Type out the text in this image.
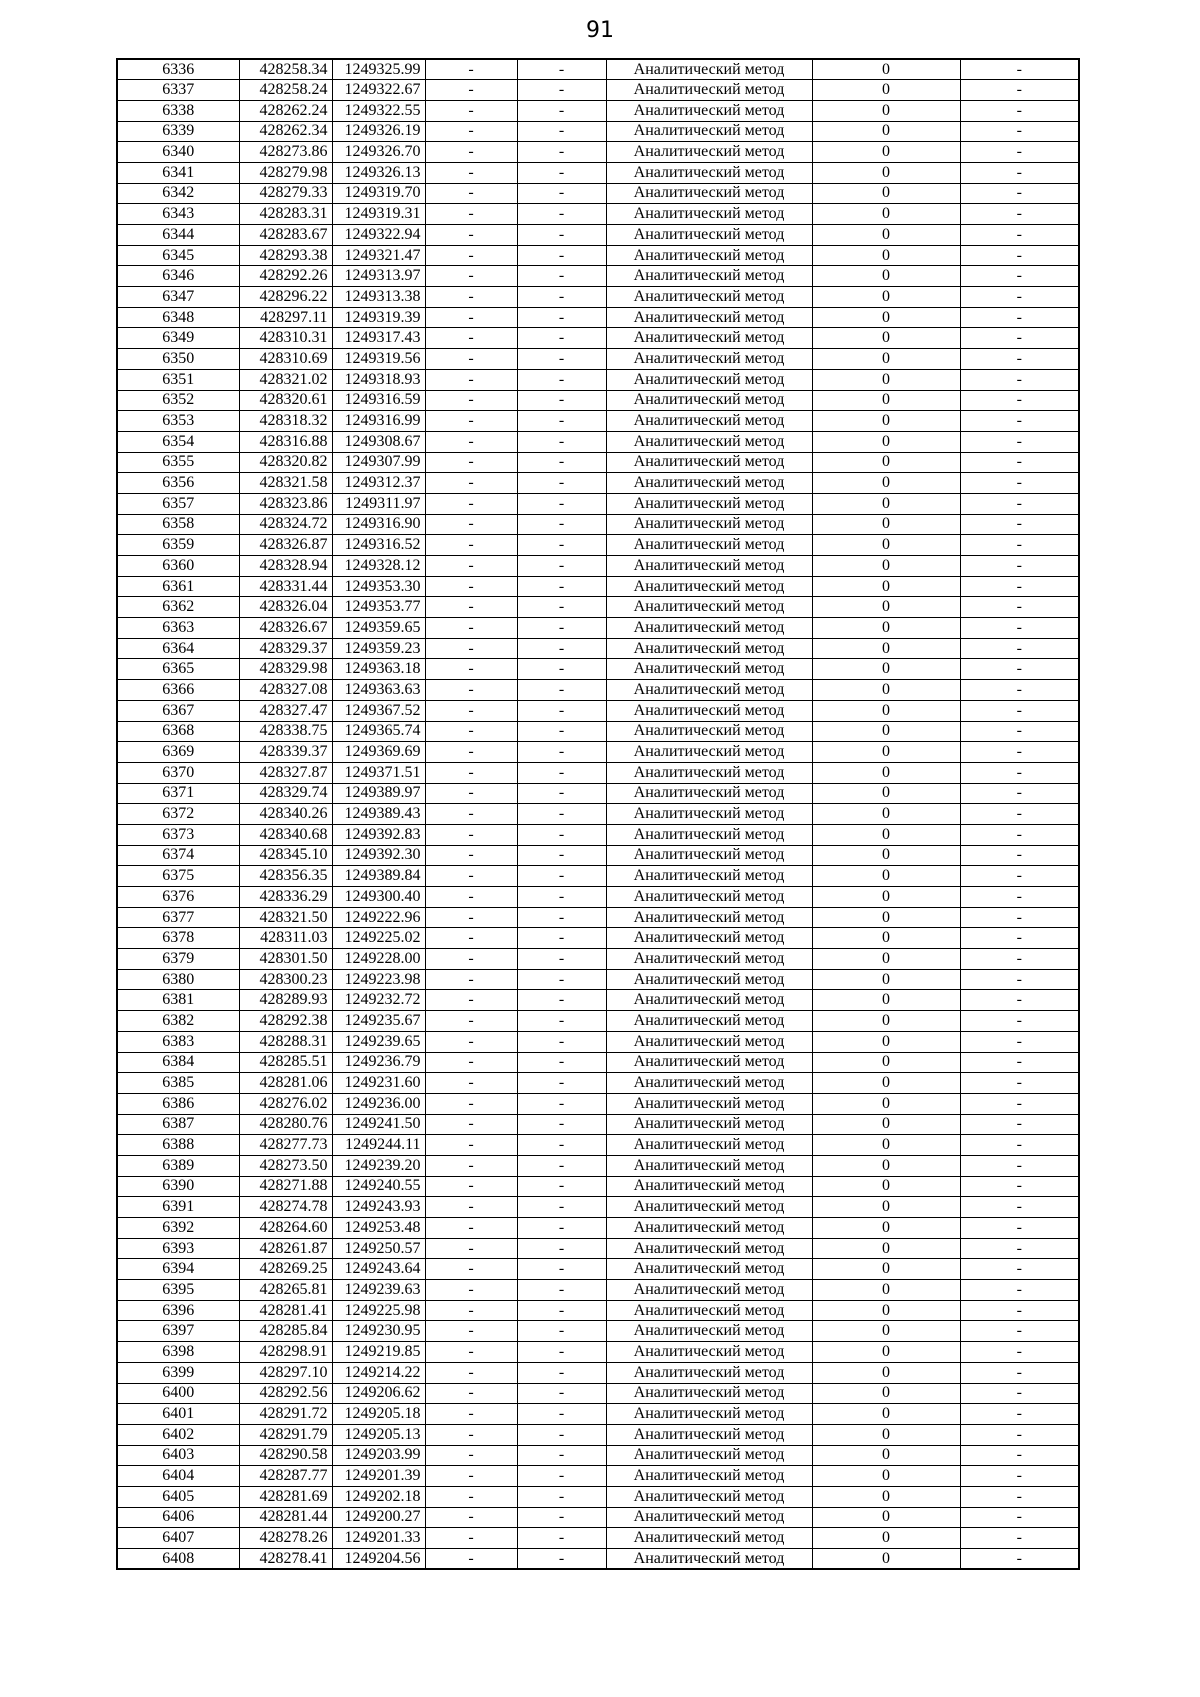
91
6336	428258.34	1249325.99	-	-	Аналитический метод	0	-
6337	428258.24	1249322.67	-	-	Аналитический метод	0	-
6338	428262.24	1249322.55	-	-	Аналитический метод	0	-
6339	428262.34	1249326.19	-	-	Аналитический метод	0	-
6340	428273.86	1249326.70	-	-	Аналитический метод	0	-
6341	428279.98	1249326.13	-	-	Аналитический метод	0	-
6342	428279.33	1249319.70	-	-	Аналитический метод	0	-
6343	428283.31	1249319.31	-	-	Аналитический метод	0	-
6344	428283.67	1249322.94	-	-	Аналитический метод	0	-
6345	428293.38	1249321.47	-	-	Аналитический метод	0	-
6346	428292.26	1249313.97	-	-	Аналитический метод	0	-
6347	428296.22	1249313.38	-	-	Аналитический метод	0	-
6348	428297.11	1249319.39	-	-	Аналитический метод	0	-
6349	428310.31	1249317.43	-	-	Аналитический метод	0	-
6350	428310.69	1249319.56	-	-	Аналитический метод	0	-
6351	428321.02	1249318.93	-	-	Аналитический метод	0	-
6352	428320.61	1249316.59	-	-	Аналитический метод	0	-
6353	428318.32	1249316.99	-	-	Аналитический метод	0	-
6354	428316.88	1249308.67	-	-	Аналитический метод	0	-
6355	428320.82	1249307.99	-	-	Аналитический метод	0	-
6356	428321.58	1249312.37	-	-	Аналитический метод	0	-
6357	428323.86	1249311.97	-	-	Аналитический метод	0	-
6358	428324.72	1249316.90	-	-	Аналитический метод	0	-
6359	428326.87	1249316.52	-	-	Аналитический метод	0	-
6360	428328.94	1249328.12	-	-	Аналитический метод	0	-
6361	428331.44	1249353.30	-	-	Аналитический метод	0	-
6362	428326.04	1249353.77	-	-	Аналитический метод	0	-
6363	428326.67	1249359.65	-	-	Аналитический метод	0	-
6364	428329.37	1249359.23	-	-	Аналитический метод	0	-
6365	428329.98	1249363.18	-	-	Аналитический метод	0	-
6366	428327.08	1249363.63	-	-	Аналитический метод	0	-
6367	428327.47	1249367.52	-	-	Аналитический метод	0	-
6368	428338.75	1249365.74	-	-	Аналитический метод	0	-
6369	428339.37	1249369.69	-	-	Аналитический метод	0	-
6370	428327.87	1249371.51	-	-	Аналитический метод	0	-
6371	428329.74	1249389.97	-	-	Аналитический метод	0	-
6372	428340.26	1249389.43	-	-	Аналитический метод	0	-
6373	428340.68	1249392.83	-	-	Аналитический метод	0	-
6374	428345.10	1249392.30	-	-	Аналитический метод	0	-
6375	428356.35	1249389.84	-	-	Аналитический метод	0	-
6376	428336.29	1249300.40	-	-	Аналитический метод	0	-
6377	428321.50	1249222.96	-	-	Аналитический метод	0	-
6378	428311.03	1249225.02	-	-	Аналитический метод	0	-
6379	428301.50	1249228.00	-	-	Аналитический метод	0	-
6380	428300.23	1249223.98	-	-	Аналитический метод	0	-
6381	428289.93	1249232.72	-	-	Аналитический метод	0	-
6382	428292.38	1249235.67	-	-	Аналитический метод	0	-
6383	428288.31	1249239.65	-	-	Аналитический метод	0	-
6384	428285.51	1249236.79	-	-	Аналитический метод	0	-
6385	428281.06	1249231.60	-	-	Аналитический метод	0	-
6386	428276.02	1249236.00	-	-	Аналитический метод	0	-
6387	428280.76	1249241.50	-	-	Аналитический метод	0	-
6388	428277.73	1249244.11	-	-	Аналитический метод	0	-
6389	428273.50	1249239.20	-	-	Аналитический метод	0	-
6390	428271.88	1249240.55	-	-	Аналитический метод	0	-
6391	428274.78	1249243.93	-	-	Аналитический метод	0	-
6392	428264.60	1249253.48	-	-	Аналитический метод	0	-
6393	428261.87	1249250.57	-	-	Аналитический метод	0	-
6394	428269.25	1249243.64	-	-	Аналитический метод	0	-
6395	428265.81	1249239.63	-	-	Аналитический метод	0	-
6396	428281.41	1249225.98	-	-	Аналитический метод	0	-
6397	428285.84	1249230.95	-	-	Аналитический метод	0	-
6398	428298.91	1249219.85	-	-	Аналитический метод	0	-
6399	428297.10	1249214.22	-	-	Аналитический метод	0	-
6400	428292.56	1249206.62	-	-	Аналитический метод	0	-
6401	428291.72	1249205.18	-	-	Аналитический метод	0	-
6402	428291.79	1249205.13	-	-	Аналитический метод	0	-
6403	428290.58	1249203.99	-	-	Аналитический метод	0	-
6404	428287.77	1249201.39	-	-	Аналитический метод	0	-
6405	428281.69	1249202.18	-	-	Аналитический метод	0	-
6406	428281.44	1249200.27	-	-	Аналитический метод	0	-
6407	428278.26	1249201.33	-	-	Аналитический метод	0	-
6408	428278.41	1249204.56	-	-	Аналитический метод	0	-
